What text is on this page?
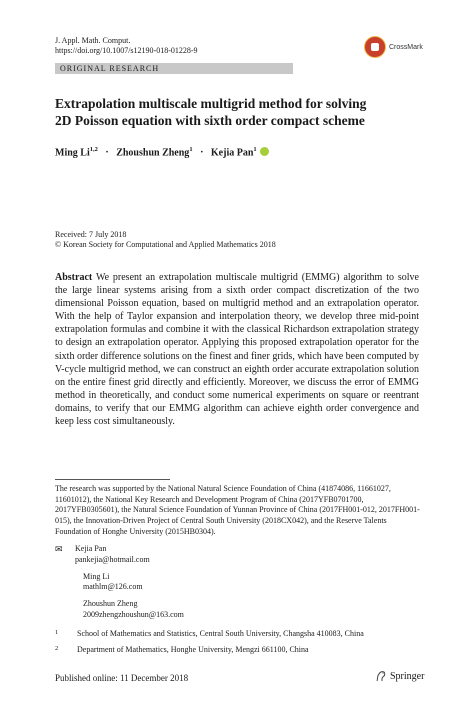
J. Appl. Math. Comput.
https://doi.org/10.1007/s12190-018-01228-9	CrossMark
ORIGINAL RESEARCH
Extrapolation multiscale multigrid method for solving
2D Poisson equation with sixth order compact scheme
Ming Li$^{1,2}$ · Zhoushun Zheng$^1$ · Kejia Pan$^1$
Received: 7 July 2018
© Korean Society for Computational and Applied Mathematics 2018
Abstract We present an extrapolation multiscale multigrid (EMMG) algorithm to solve the large linear systems arising from a sixth order compact discretization of the two dimensional Poisson equation, based on multigrid method and an extrapolation operator. With the help of Taylor expansion and interpolation theory, we develop three mid-point extrapolation formulas and combine it with the classical Richardson extrapolation strategy to design an extrapolation operator. Applying this proposed extrapolation operator for the sixth order difference solutions on the finest and finer grids, which have been computed by V-cycle multigrid method, we can construct an eighth order accurate extrapolation solution on the entire finest grid directly and efficiently. Moreover, we discuss the error of EMMG method in theoretically, and conduct some numerical experiments on square or reentrant domains, to verify that our EMMG algorithm can achieve eighth order convergence and keep less cost simultaneously.
The research was supported by the National Natural Science Foundation of China (41874086, 11661027, 11601012), the National Key Research and Development Program of China (2017YFB0701700, 2017YFB0305601), the Natural Science Foundation of Yunnan Province of China (2017FH001-012, 2017FH001-015), the Innovation-Driven Project of Central South University (2018CX042), and the Reserve Talents Foundation of Honghe University (2015HB0304).
✉	Kejia Pan
pankejia@hotmail.com
Ming Li
mathlm@126.com
Zhoushun Zheng
2009zhengzhoushun@163.com
1	School of Mathematics and Statistics, Central South University, Changsha 410083, China
2	Department of Mathematics, Honghe University, Mengzi 661100, China
Published online: 11 December 2018	Springer
